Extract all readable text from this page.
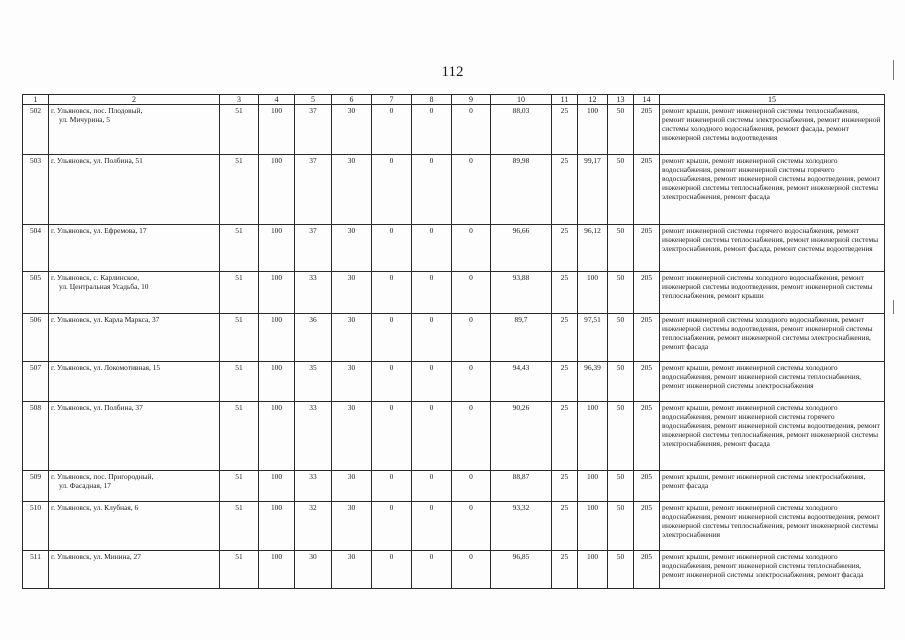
112
1	2	3	4	5	6	7	8	9	10	11	12	13	14	15
502	г. Ульяновск, пос. Плодовый,
ул. Мичурина, 5	51	100	37	30	0	0	0	88,03	25	100	50	205	ремонт крыши, ремонт инженерной системы теплоснабжения, ремонт инженерной системы электроснабжения, ремонт инженерной системы холодного водоснабжения, ремонт фасада, ремонт инженерной системы водоотведения
503	г. Ульяновск, ул. Полбина, 51	51	100	37	30	0	0	0	89,98	25	99,17	50	205	ремонт крыши, ремонт инженерной системы холодного водоснабжения, ремонт инженерной системы горячего водоснабжения, ремонт инженерной системы водоотведения, ремонт инженерной системы теплоснабжения, ремонт инженерной системы электроснабжения, ремонт фасада
504	г. Ульяновск, ул. Ефремова, 17	51	100	37	30	0	0	0	96,66	25	96,12	50	205	ремонт инженерной системы горячего водоснабжения, ремонт инженерной системы теплоснабжения, ремонт инженерной системы электроснабжения, ремонт фасада, ремонт системы водоотведения
505	г. Ульяновск, с. Карлинское,
ул. Центральная Усадьба, 10	51	100	33	30	0	0	0	93,88	25	100	50	205	ремонт инженерной системы холодного водоснабжения, ремонт инженерной системы водоотведения, ремонт инженерной системы теплоснабжения, ремонт крыши
506	г. Ульяновск, ул. Карла Маркса, 37	51	100	36	30	0	0	0	89,7	25	97,51	50	205	ремонт инженерной системы холодного водоснабжения, ремонт инженерной системы водоотведения, ремонт инженерной системы теплоснабжения, ремонт инженерной системы электроснабжения, ремонт фасада
507	г. Ульяновск, ул. Локомотивная, 15	51	100	35	30	0	0	0	94,43	25	96,39	50	205	ремонт крыши, ремонт инженерной системы холодного водоснабжения, ремонт инженерной системы теплоснабжения, ремонт инженерной системы электроснабжения
508	г. Ульяновск, ул. Полбина, 37	51	100	33	30	0	0	0	90,26	25	100	50	205	ремонт крыши, ремонт инженерной системы холодного водоснабжения, ремонт инженерной системы горячего водоснабжения, ремонт инженерной системы водоотведения, ремонт инженерной системы теплоснабжения, ремонт инженерной системы электроснабжения, ремонт фасада
509	г. Ульяновск, пос. Пригородный,
ул. Фасадная, 17	51	100	33	30	0	0	0	88,87	25	100	50	205	ремонт крыши, ремонт инженерной системы электроснабжения, ремонт фасада
510	г. Ульяновск, ул. Клубная, 6	51	100	32	30	0	0	0	93,32	25	100	50	205	ремонт крыши, ремонт инженерной системы холодного водоснабжения, ремонт инженерной системы водоотведения, ремонт инженерной системы теплоснабжения, ремонт инженерной системы электроснабжения
511	г. Ульяновск, ул. Минина, 27	51	100	30	30	0	0	0	96,85	25	100	50	205	ремонт крыши, ремонт инженерной системы холодного водоснабжения, ремонт инженерной системы теплоснабжения, ремонт инженерной системы электроснабжения, ремонт фасада
